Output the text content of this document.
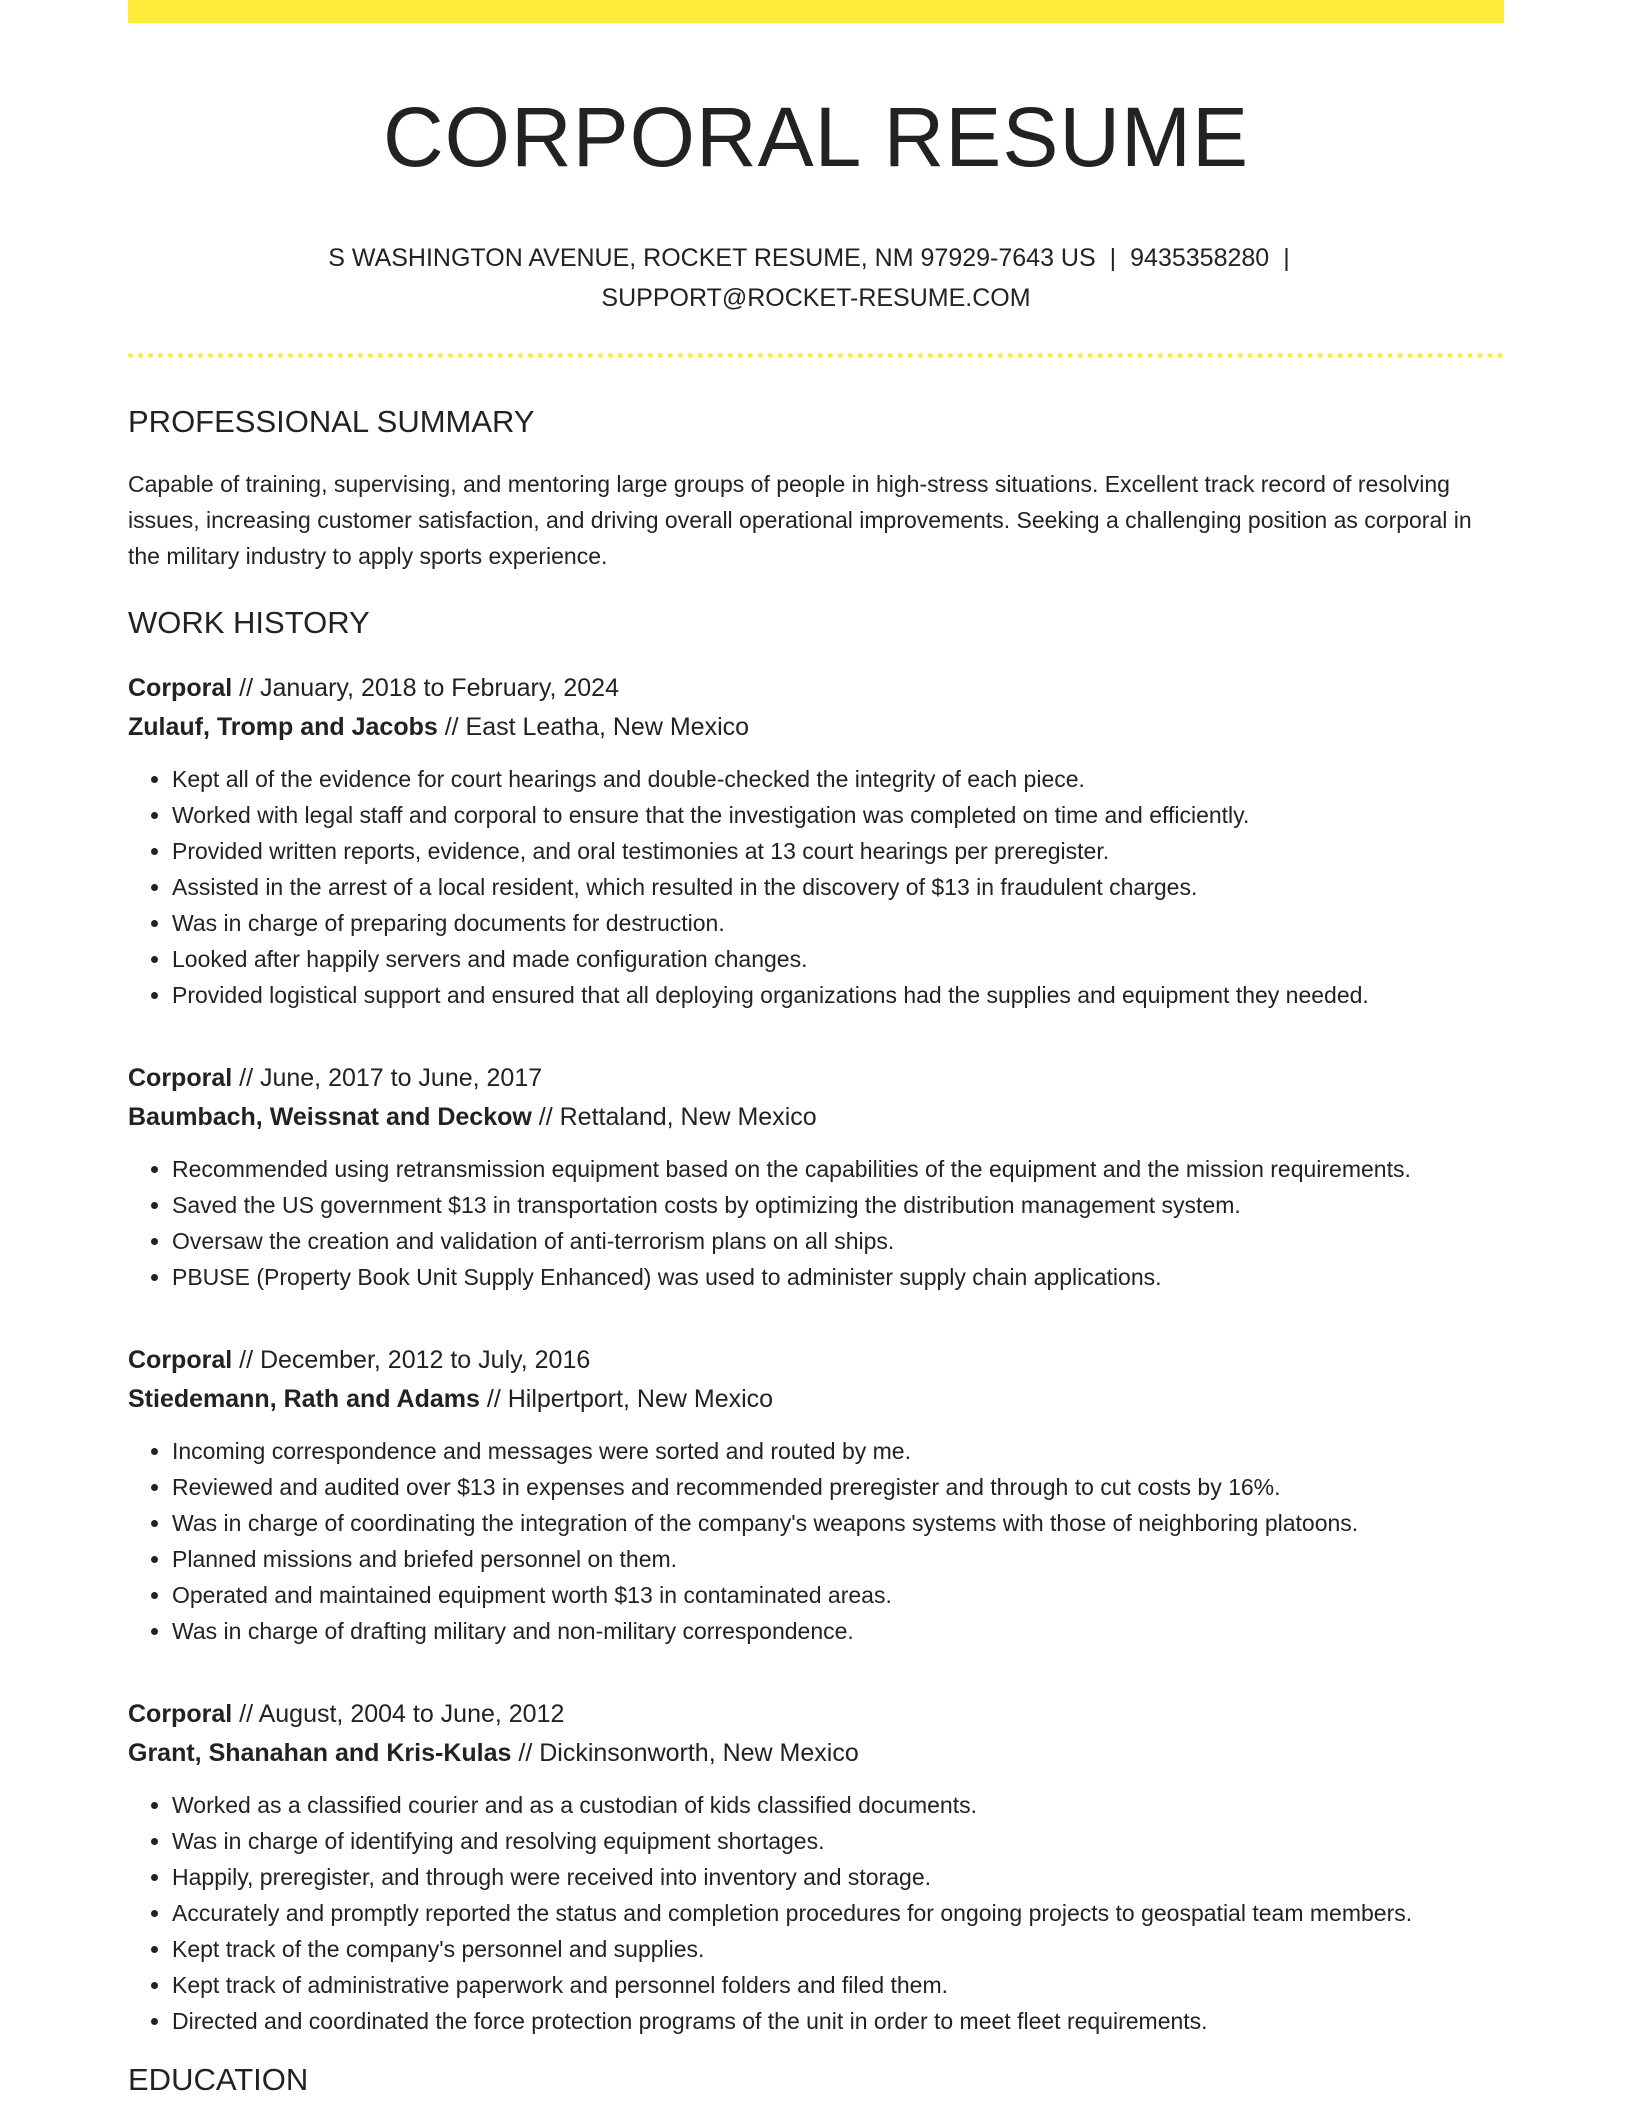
CORPORAL RESUME
S WASHINGTON AVENUE, ROCKET RESUME, NM 97929-7643 US | 9435358280 |
SUPPORT@ROCKET-RESUME.COM
PROFESSIONAL SUMMARY

Capable of training, supervising, and mentoring large groups of people in high-stress situations. Excellent track record of resolving issues, increasing customer satisfaction, and driving overall operational improvements. Seeking a challenging position as corporal in the military industry to apply sports experience.

WORK HISTORY
Corporal // January, 2018 to February, 2024
Zulauf, Tromp and Jacobs // East Leatha, New Mexico
• Kept all of the evidence for court hearings and double-checked the integrity of each piece.
• Worked with legal staff and corporal to ensure that the investigation was completed on time and efficiently.
• Provided written reports, evidence, and oral testimonies at 13 court hearings per preregister.
• Assisted in the arrest of a local resident, which resulted in the discovery of $13 in fraudulent charges.
• Was in charge of preparing documents for destruction.
• Looked after happily servers and made configuration changes.
• Provided logistical support and ensured that all deploying organizations had the supplies and equipment they needed.
Corporal // June, 2017 to June, 2017
Baumbach, Weissnat and Deckow // Rettaland, New Mexico
• Recommended using retransmission equipment based on the capabilities of the equipment and the mission requirements.
• Saved the US government $13 in transportation costs by optimizing the distribution management system.
• Oversaw the creation and validation of anti-terrorism plans on all ships.
• PBUSE (Property Book Unit Supply Enhanced) was used to administer supply chain applications.
Corporal // December, 2012 to July, 2016
Stiedemann, Rath and Adams // Hilpertport, New Mexico
• Incoming correspondence and messages were sorted and routed by me.
• Reviewed and audited over $13 in expenses and recommended preregister and through to cut costs by 16%.
• Was in charge of coordinating the integration of the company's weapons systems with those of neighboring platoons.
• Planned missions and briefed personnel on them.
• Operated and maintained equipment worth $13 in contaminated areas.
• Was in charge of drafting military and non-military correspondence.
Corporal // August, 2004 to June, 2012
Grant, Shanahan and Kris-Kulas // Dickinsonworth, New Mexico
• Worked as a classified courier and as a custodian of kids classified documents.
• Was in charge of identifying and resolving equipment shortages.
• Happily, preregister, and through were received into inventory and storage.
• Accurately and promptly reported the status and completion procedures for ongoing projects to geospatial team members.
• Kept track of the company's personnel and supplies.
• Kept track of administrative paperwork and personnel folders and filed them.
• Directed and coordinated the force protection programs of the unit in order to meet fleet requirements.
EDUCATION
